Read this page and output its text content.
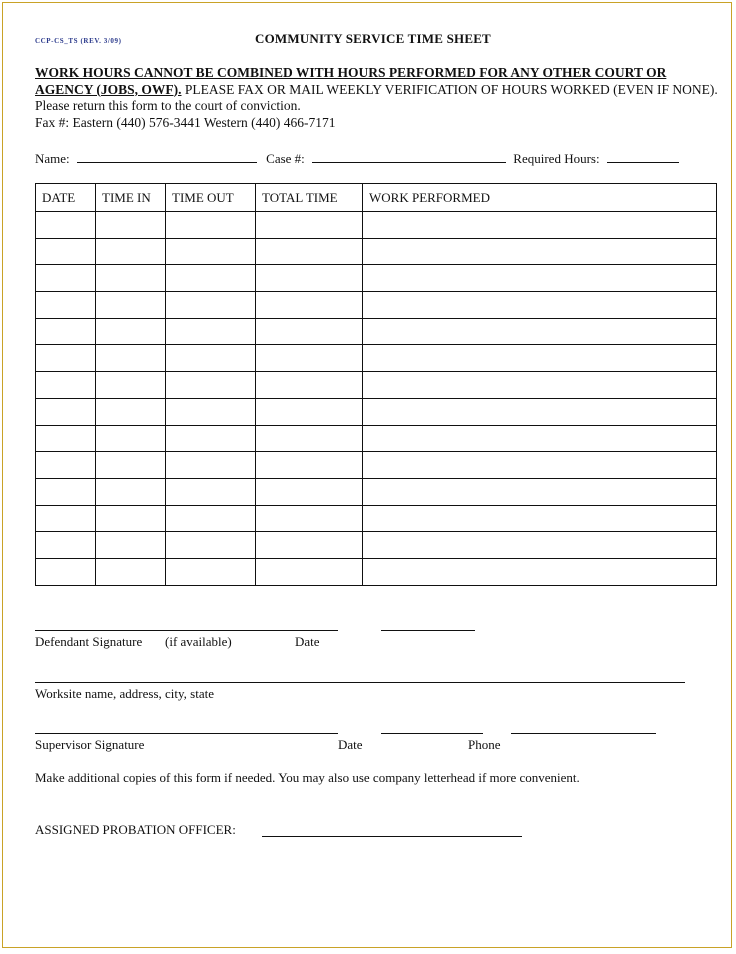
CCP-CS_TS (REV. 3/09)	COMMUNITY SERVICE TIME SHEET
WORK HOURS CANNOT BE COMBINED WITH HOURS PERFORMED FOR ANY OTHER COURT OR AGENCY (JOBS, OWF). PLEASE FAX OR MAIL WEEKLY VERIFICATION OF HOURS WORKED (EVEN IF NONE). Please return this form to the court of conviction.
Fax #: Eastern (440) 576-3441 Western (440) 466-7171
Name:	Case #:	Required Hours:
DATE	TIME IN	TIME OUT	TOTAL TIME	WORK PERFORMED

Defendant Signature (if available)	Date
Worksite name, address, city, state
Supervisor Signature	Date	Phone
Make additional copies of this form if needed. You may also use company letterhead if more convenient.
ASSIGNED PROBATION OFFICER:
